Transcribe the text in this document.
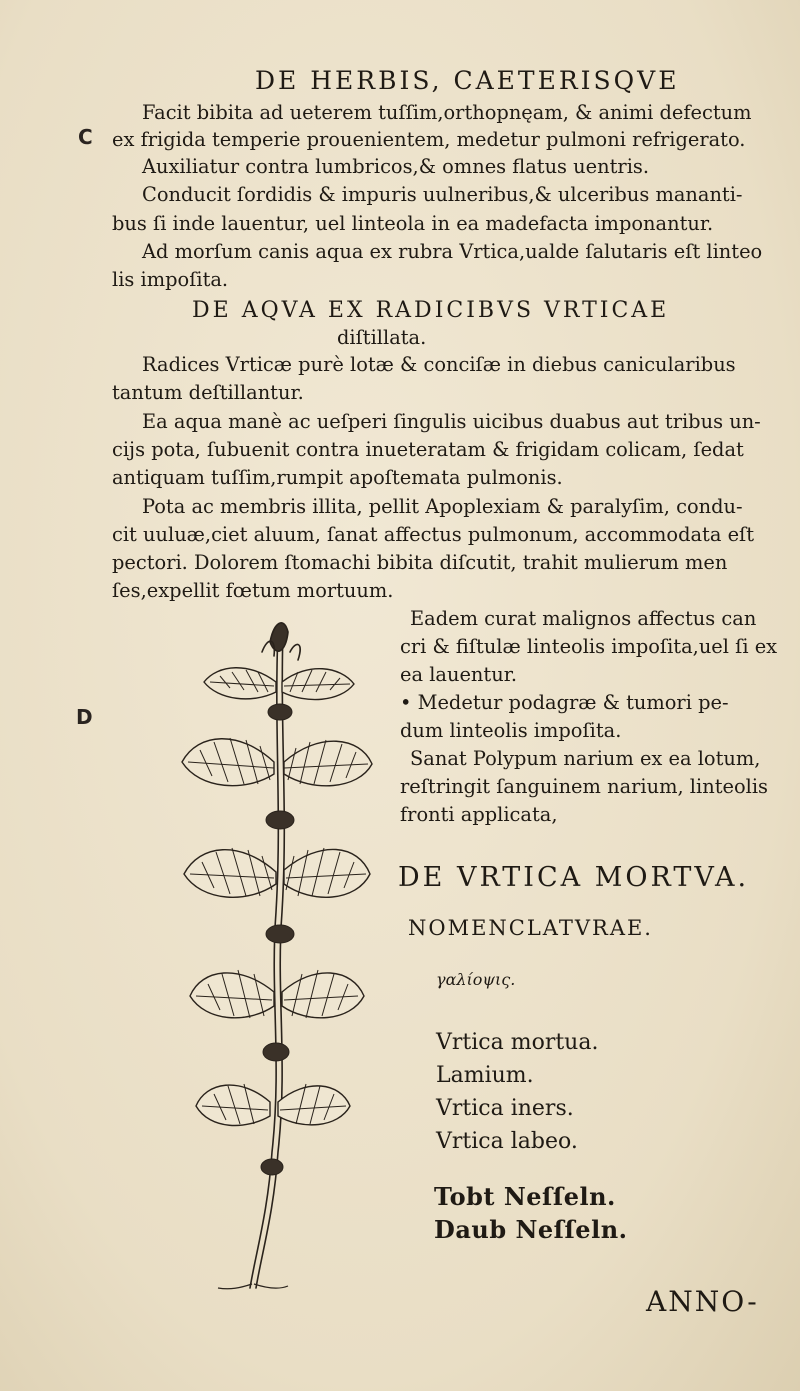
DE HERBIS, CAETERISQVE
C
D
Facit bibita ad ueterem tuſſim,orthopnęam, & animi defectum
ex frigida temperie prouenientem, medetur pulmoni refrigerato.
Auxiliatur contra lumbricos,& omnes flatus uentris.
Conducit ſordidis & impuris uulneribus,& ulceribus mananti-
bus ſi inde lauentur, uel linteola in ea madefacta imponantur.
Ad morſum canis aqua ex rubra Vrtica,ualde ſalutaris eſt linteo
lis impoſita.
DE AQVA EX RADICIBVS VRTICAE
diſtillata.
Radices Vrticæ purè lotæ & conciſæ in diebus canicularibus
tantum deſtillantur.
Ea aqua manè ac ueſperi ſingulis uicibus duabus aut tribus un-
cijs pota, ſubuenit contra inueteratam & frigidam colicam, ſedat
antiquam tuſſim,rumpit apoſtemata pulmonis.
Pota ac membris illita, pellit Apoplexiam & paralyſim, condu-
cit uuluæ,ciet aluum, ſanat affectus pulmonum, accommodata eſt
pectori. Dolorem ſtomachi bibita diſcutit, trahit mulierum men
ſes,expellit fœtum mortuum.
Eadem curat malignos affectus can
cri & fiſtulæ linteolis impoſita,uel ſi ex
ea lauentur.
• Medetur podagræ & tumori pe-
dum linteolis impoſita.
Sanat Polypum narium ex ea lotum,
reſtringit ſanguinem narium, linteolis
fronti applicata,
DE VRTICA MORTVA.
NOMENCLATVRAE.
γαλίοψις.
Vrtica mortua.
Lamium.
Vrtica iners.
Vrtica labeo.
Tobt Neſſeln.
Daub Neſſeln.
ANNO-
